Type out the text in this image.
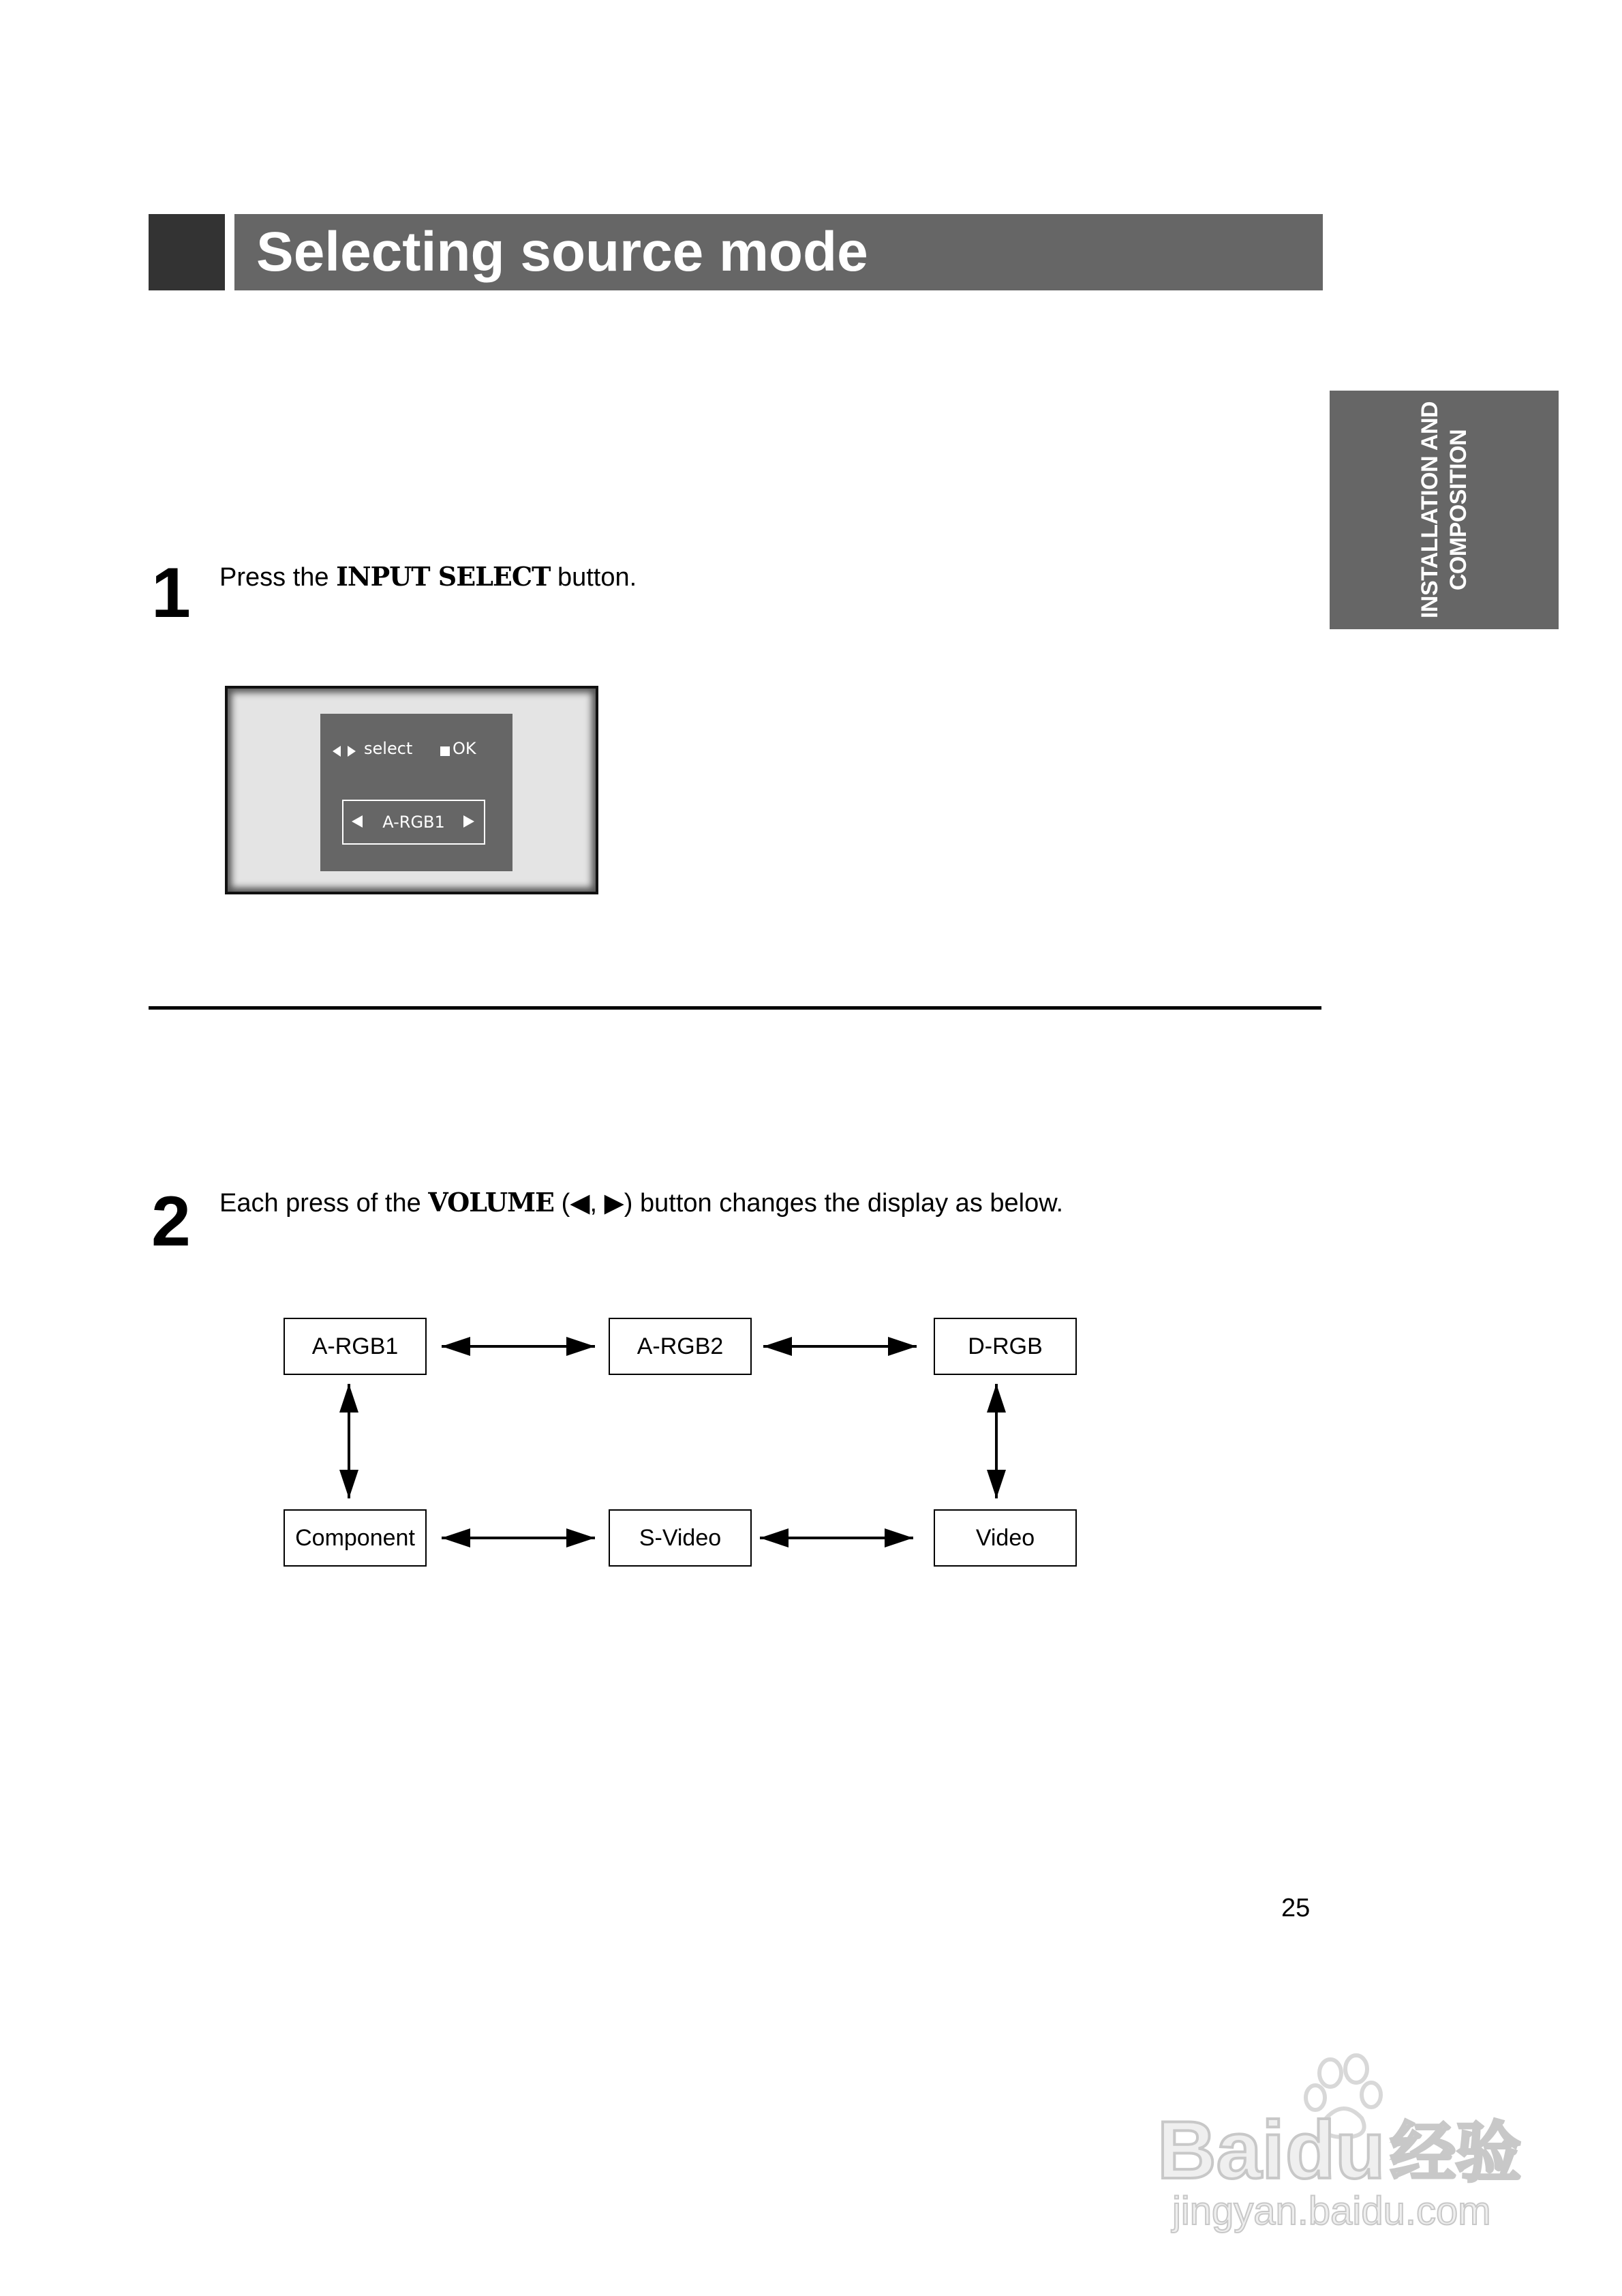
Selecting source mode
INSTALLATION AND COMPOSITION
1 Press the INPUT SELECT button.
select OK
A-RGB1
2 Each press of the VOLUME (◀, ▶) button changes the display as below.
A-RGB1	A-RGB2	D-RGB
Component	S-Video	Video
25
Bai du 经验
jingyan.baidu.com
